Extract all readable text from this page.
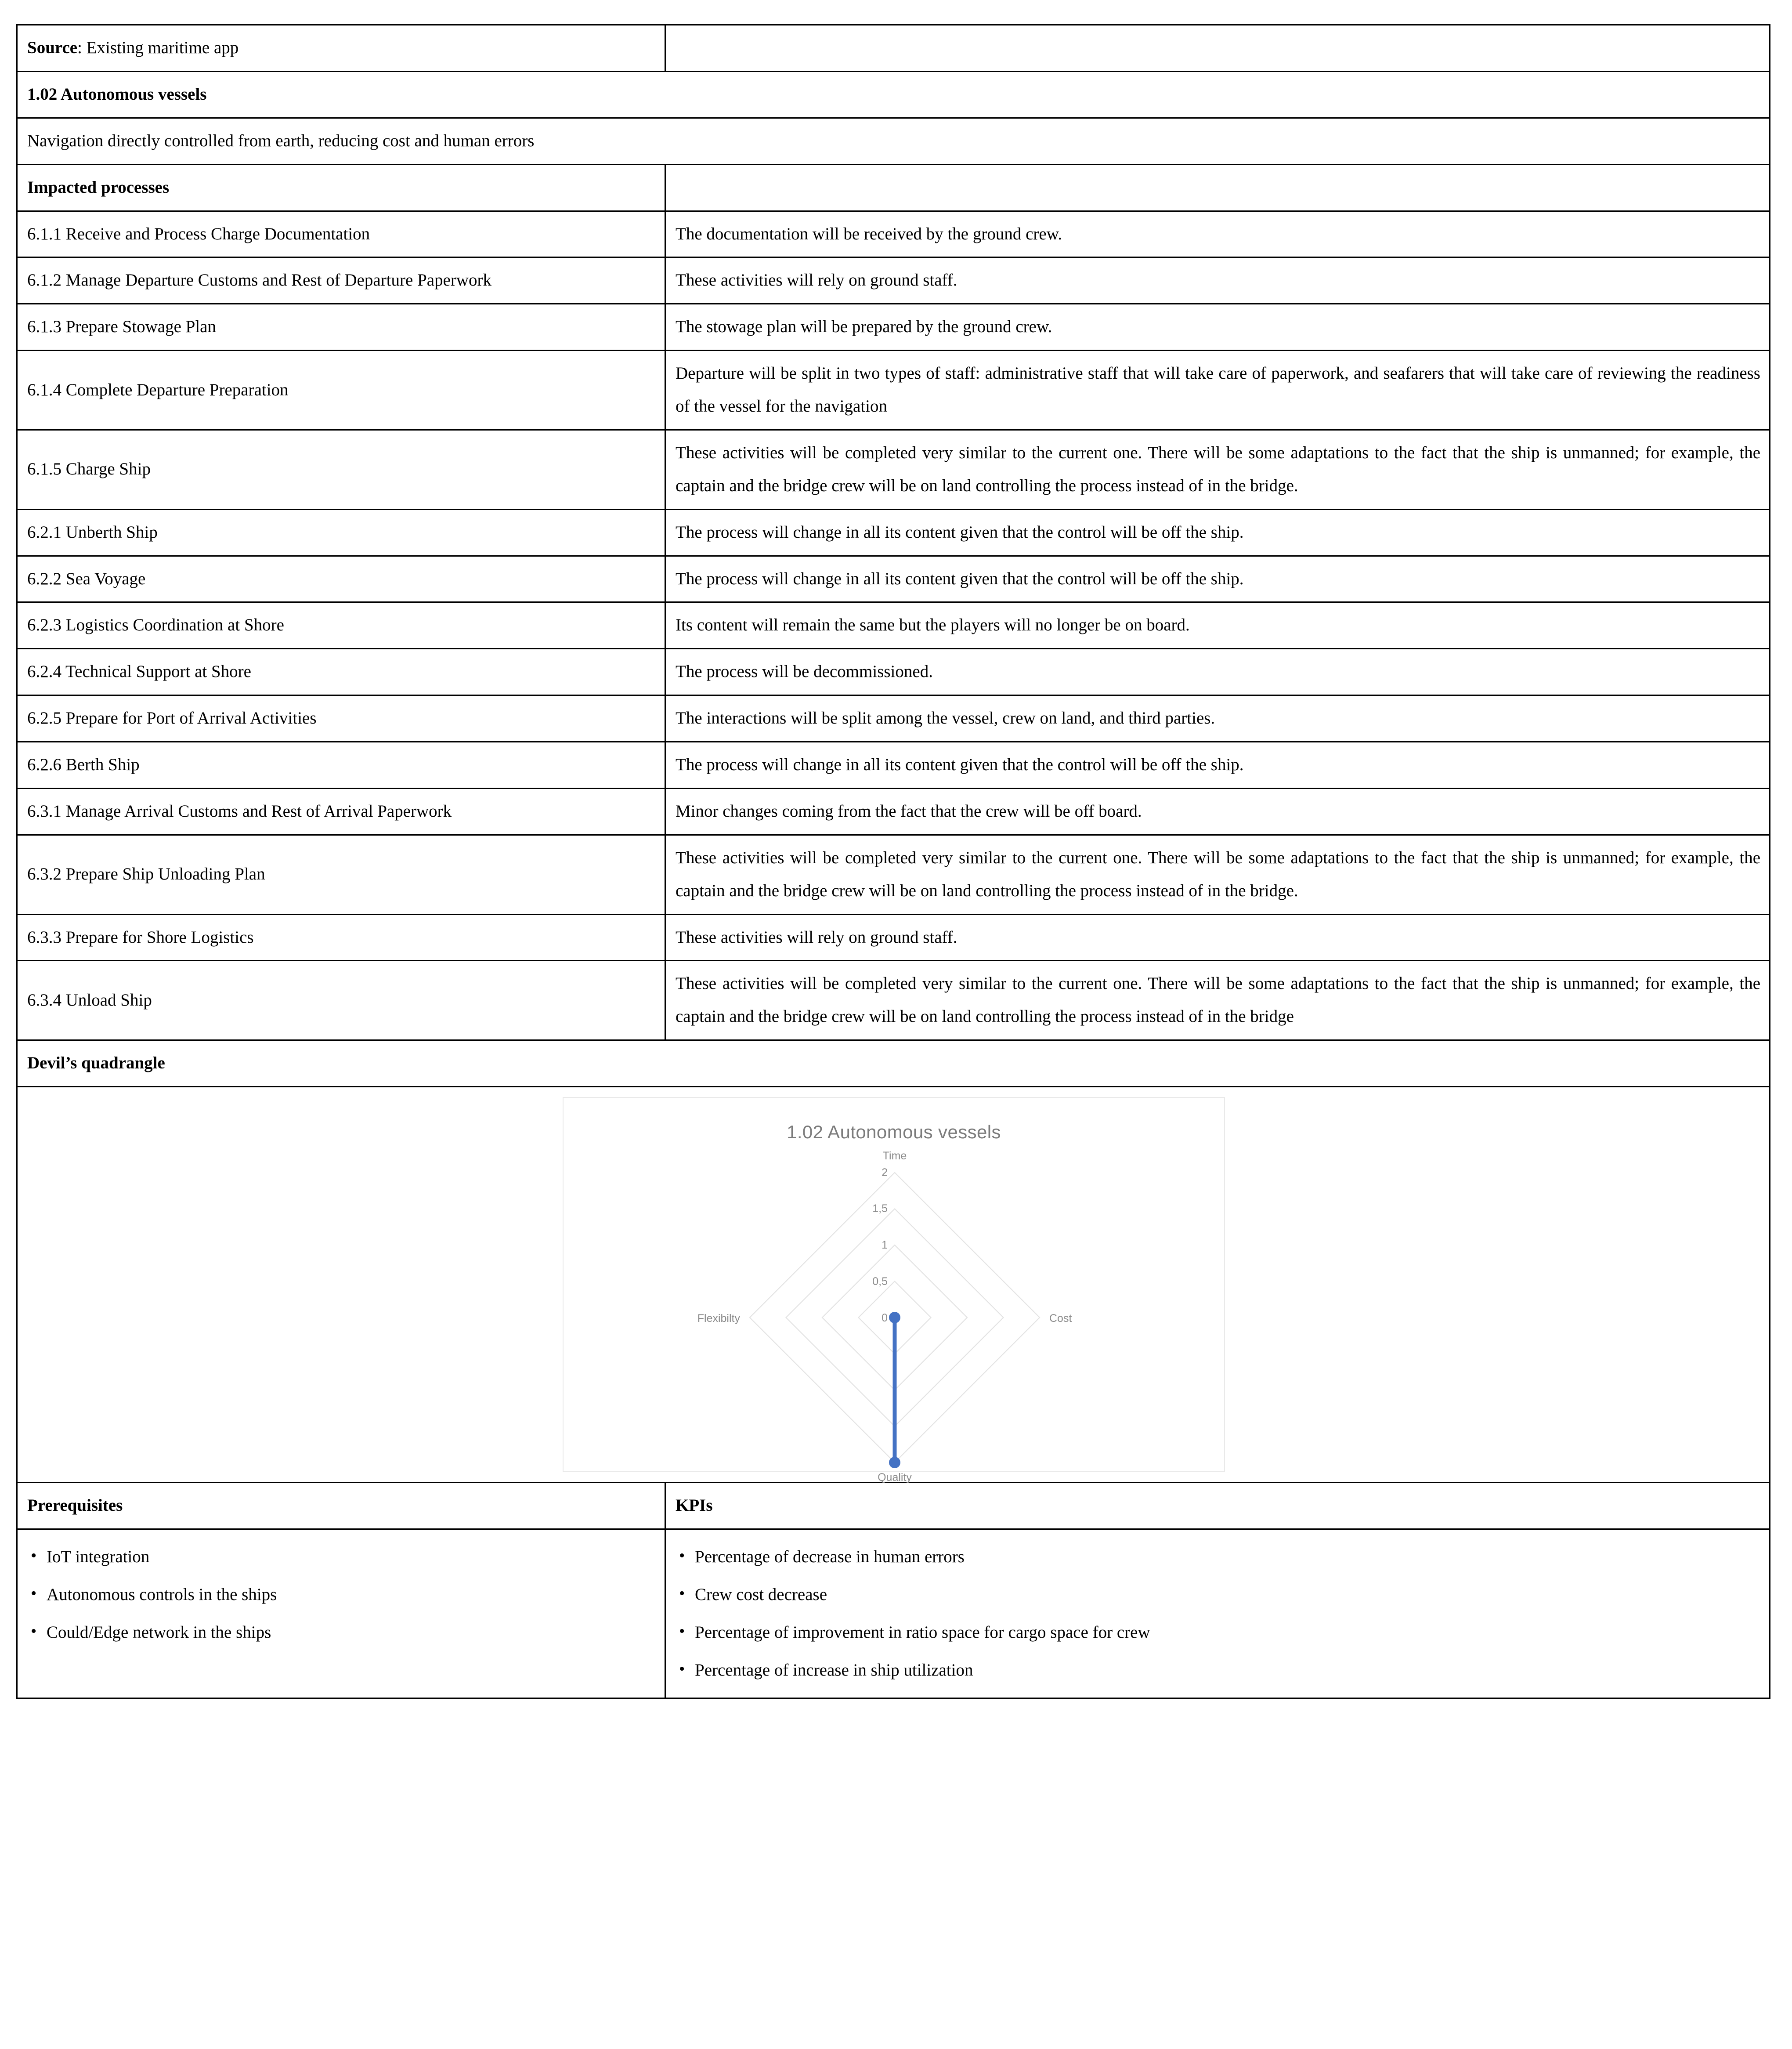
Source: Existing maritime app	
1.02 Autonomous vessels	
Navigation directly controlled from earth, reducing cost and human errors	
Impacted processes	
6.1.1 Receive and Process Charge Documentation	The documentation will be received by the ground crew.
6.1.2 Manage Departure Customs and Rest of Departure Paperwork	These activities will rely on ground staff.
6.1.3 Prepare Stowage Plan	The stowage plan will be prepared by the ground crew.
6.1.4 Complete Departure Preparation	Departure will be split in two types of staff: administrative staff that will take care of paperwork, and seafarers that will take care of reviewing the readiness of the vessel for the navigation
6.1.5 Charge Ship	These activities will be completed very similar to the current one. There will be some adaptations to the fact that the ship is unmanned; for example, the captain and the bridge crew will be on land controlling the process instead of in the bridge.
6.2.1 Unberth Ship	The process will change in all its content given that the control will be off the ship.
6.2.2 Sea Voyage	The process will change in all its content given that the control will be off the ship.
6.2.3 Logistics Coordination at Shore	Its content will remain the same but the players will no longer be on board.
6.2.4 Technical Support at Shore	The process will be decommissioned.
6.2.5 Prepare for Port of Arrival Activities	The interactions will be split among the vessel, crew on land, and third parties.
6.2.6 Berth Ship	The process will change in all its content given that the control will be off the ship.
6.3.1 Manage Arrival Customs and Rest of Arrival Paperwork	Minor changes coming from the fact that the crew will be off board.
6.3.2 Prepare Ship Unloading Plan	These activities will be completed very similar to the current one. There will be some adaptations to the fact that the ship is unmanned; for example, the captain and the bridge crew will be on land controlling the process instead of in the bridge.
6.3.3 Prepare for Shore Logistics	These activities will rely on ground staff.
6.3.4 Unload Ship	These activities will be completed very similar to the current one. There will be some adaptations to the fact that the ship is unmanned; for example, the captain and the bridge crew will be on land controlling the process instead of in the bridge
Devil’s quadrangle	

1.02 Autonomous vessels
2
1,5
1
0,5
0
Time
Cost
Quality
Flexibilty

Prerequisites	KPIs

• IoT integration
• Autonomous controls in the ships
• Could/Edge network in the ships

• Percentage of decrease in human errors
• Crew cost decrease
• Percentage of improvement in ratio space for cargo space for crew
• Percentage of increase in ship utilization
